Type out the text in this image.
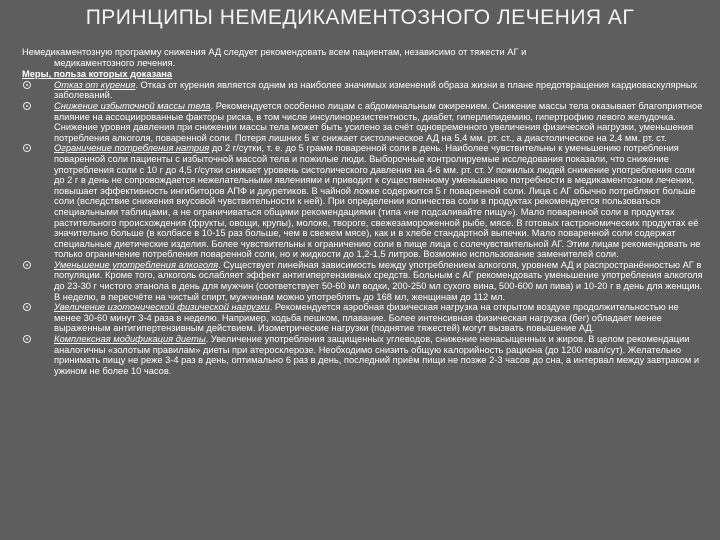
ПРИНЦИПЫ НЕМЕДИКАМЕНТОЗНОГО ЛЕЧЕНИЯ АГ
Немедикаментозную программу снижения АД следует рекомендовать всем пациентам, независимо от тяжести АГ и
медикаментозного лечения.
Меры, польза которых доказана
Отказ от курения. Отказ от курения является одним из наиболее значимых изменений образа жизни в плане предотвращения кардиоваскулярных заболеваний.
Снижение избыточной массы тела. Рекомендуется особенно лицам с абдоминальным ожирением. Снижение массы тела оказывает благоприятное влияние на ассоциированные факторы риска, в том числе инсулинорезистентность, диабет, гиперлипидемию, гипертрофию левого желудочка. Снижение уровня давления при снижении массы тела может быть усилено за счёт одновременного увеличения физической нагрузки, уменьшения потребления алкоголя, поваренной соли. Потеря лишних 5 кг снижает систолическое АД на 5,4 мм. рт. ст., а диастолическое на 2,4 мм. рт. ст.
Ограничение потребления натрия до 2 г/сутки, т. е. до 5 грамм поваренной соли в день. Наиболее чувствительны к уменьшению потребления поваренной соли пациенты с избыточной массой тела и пожилые люди. Выборочные контролируемые исследования показали, что снижение употребления соли с 10 г до 4,5 г/сутки снижает уровень систолического давления на 4-6 мм. рт. ст. У пожилых людей снижение употребления соли до 2 г в день не сопровождается нежелательными явлениями и приводит к существенному уменьшению потребности в медикаментозном лечении, повышает эффективность ингибиторов АПФ и диуретиков. В чайной ложке содержится 5 г поваренной соли. Лица с АГ обычно потребляют больше соли (вследствие снижения вкусовой чувствительности к ней). При определении количества соли в продуктах рекомендуется пользоваться специальными таблицами, а не ограничиваться общими рекомендациями (типа «не подсаливайте пищу»). Мало поваренной соли в продуктах растительного происхождения (фрукты, овощи, крупы), молоке, твороге, свежезамороженной рыбе, мясе. В готовых гастрономических продуктах её значительно больше (в колбасе в 10-15 раз больше, чем в свежем мясе), как и в хлебе стандартной выпечки. Мало поваренной соли содержат специальные диетические изделия. Более чувствительны к ограничению соли в пище лица с солечувствительной АГ. Этим лицам рекомендовать не только ограничение потребления поваренной соли, но и жидкости до 1,2-1,5 литров. Возможно использование заменителей соли.
Уменьшение употребления алкоголя. Существует линейная зависимость между употреблением алкоголя, уровнем АД и распространённостью АГ в популяции. Кроме того, алкоголь ослабляет эффект антигипертензивных средств. Больным с АГ рекомендовать уменьшение употребления алкоголя до 23-30 г чистого этанола в день для мужчин (соответствует 50-60 мл водки, 200-250 мл сухого вина, 500-600 мл пива) и 10-20 г в день для женщин. В неделю, в пересчёте на чистый спирт, мужчинам можно употреблять до 168 мл, женщинам до 112 мл.
Увеличение изотонической физической нагрузки. Рекомендуется аэробная физическая нагрузка на открытом воздухе продолжительностью не менее 30-60 минут 3-4 раза в неделю. Например, ходьба пешком, плавание. Более интенсивная физическая нагрузка (бег) обладает менее выраженным антигипертензивным действием. Изометрические нагрузки (поднятие тяжестей) могут вызвать повышение АД.
Комплексная модификация диеты. Увеличение употребления защищенных углеводов, снижение ненасыщенных и жиров. В целом рекомендации аналогичны «золотым правилам» диеты при атеросклерозе. Необходимо снизить общую калорийность рациона (до 1200 ккал/сут). Желательно принимать пищу не реже 3-4 раз в день, оптимально 6 раз в день, последний приём пищи не позже 2-3 часов до сна, а интервал между завтраком и ужином не более 10 часов.
